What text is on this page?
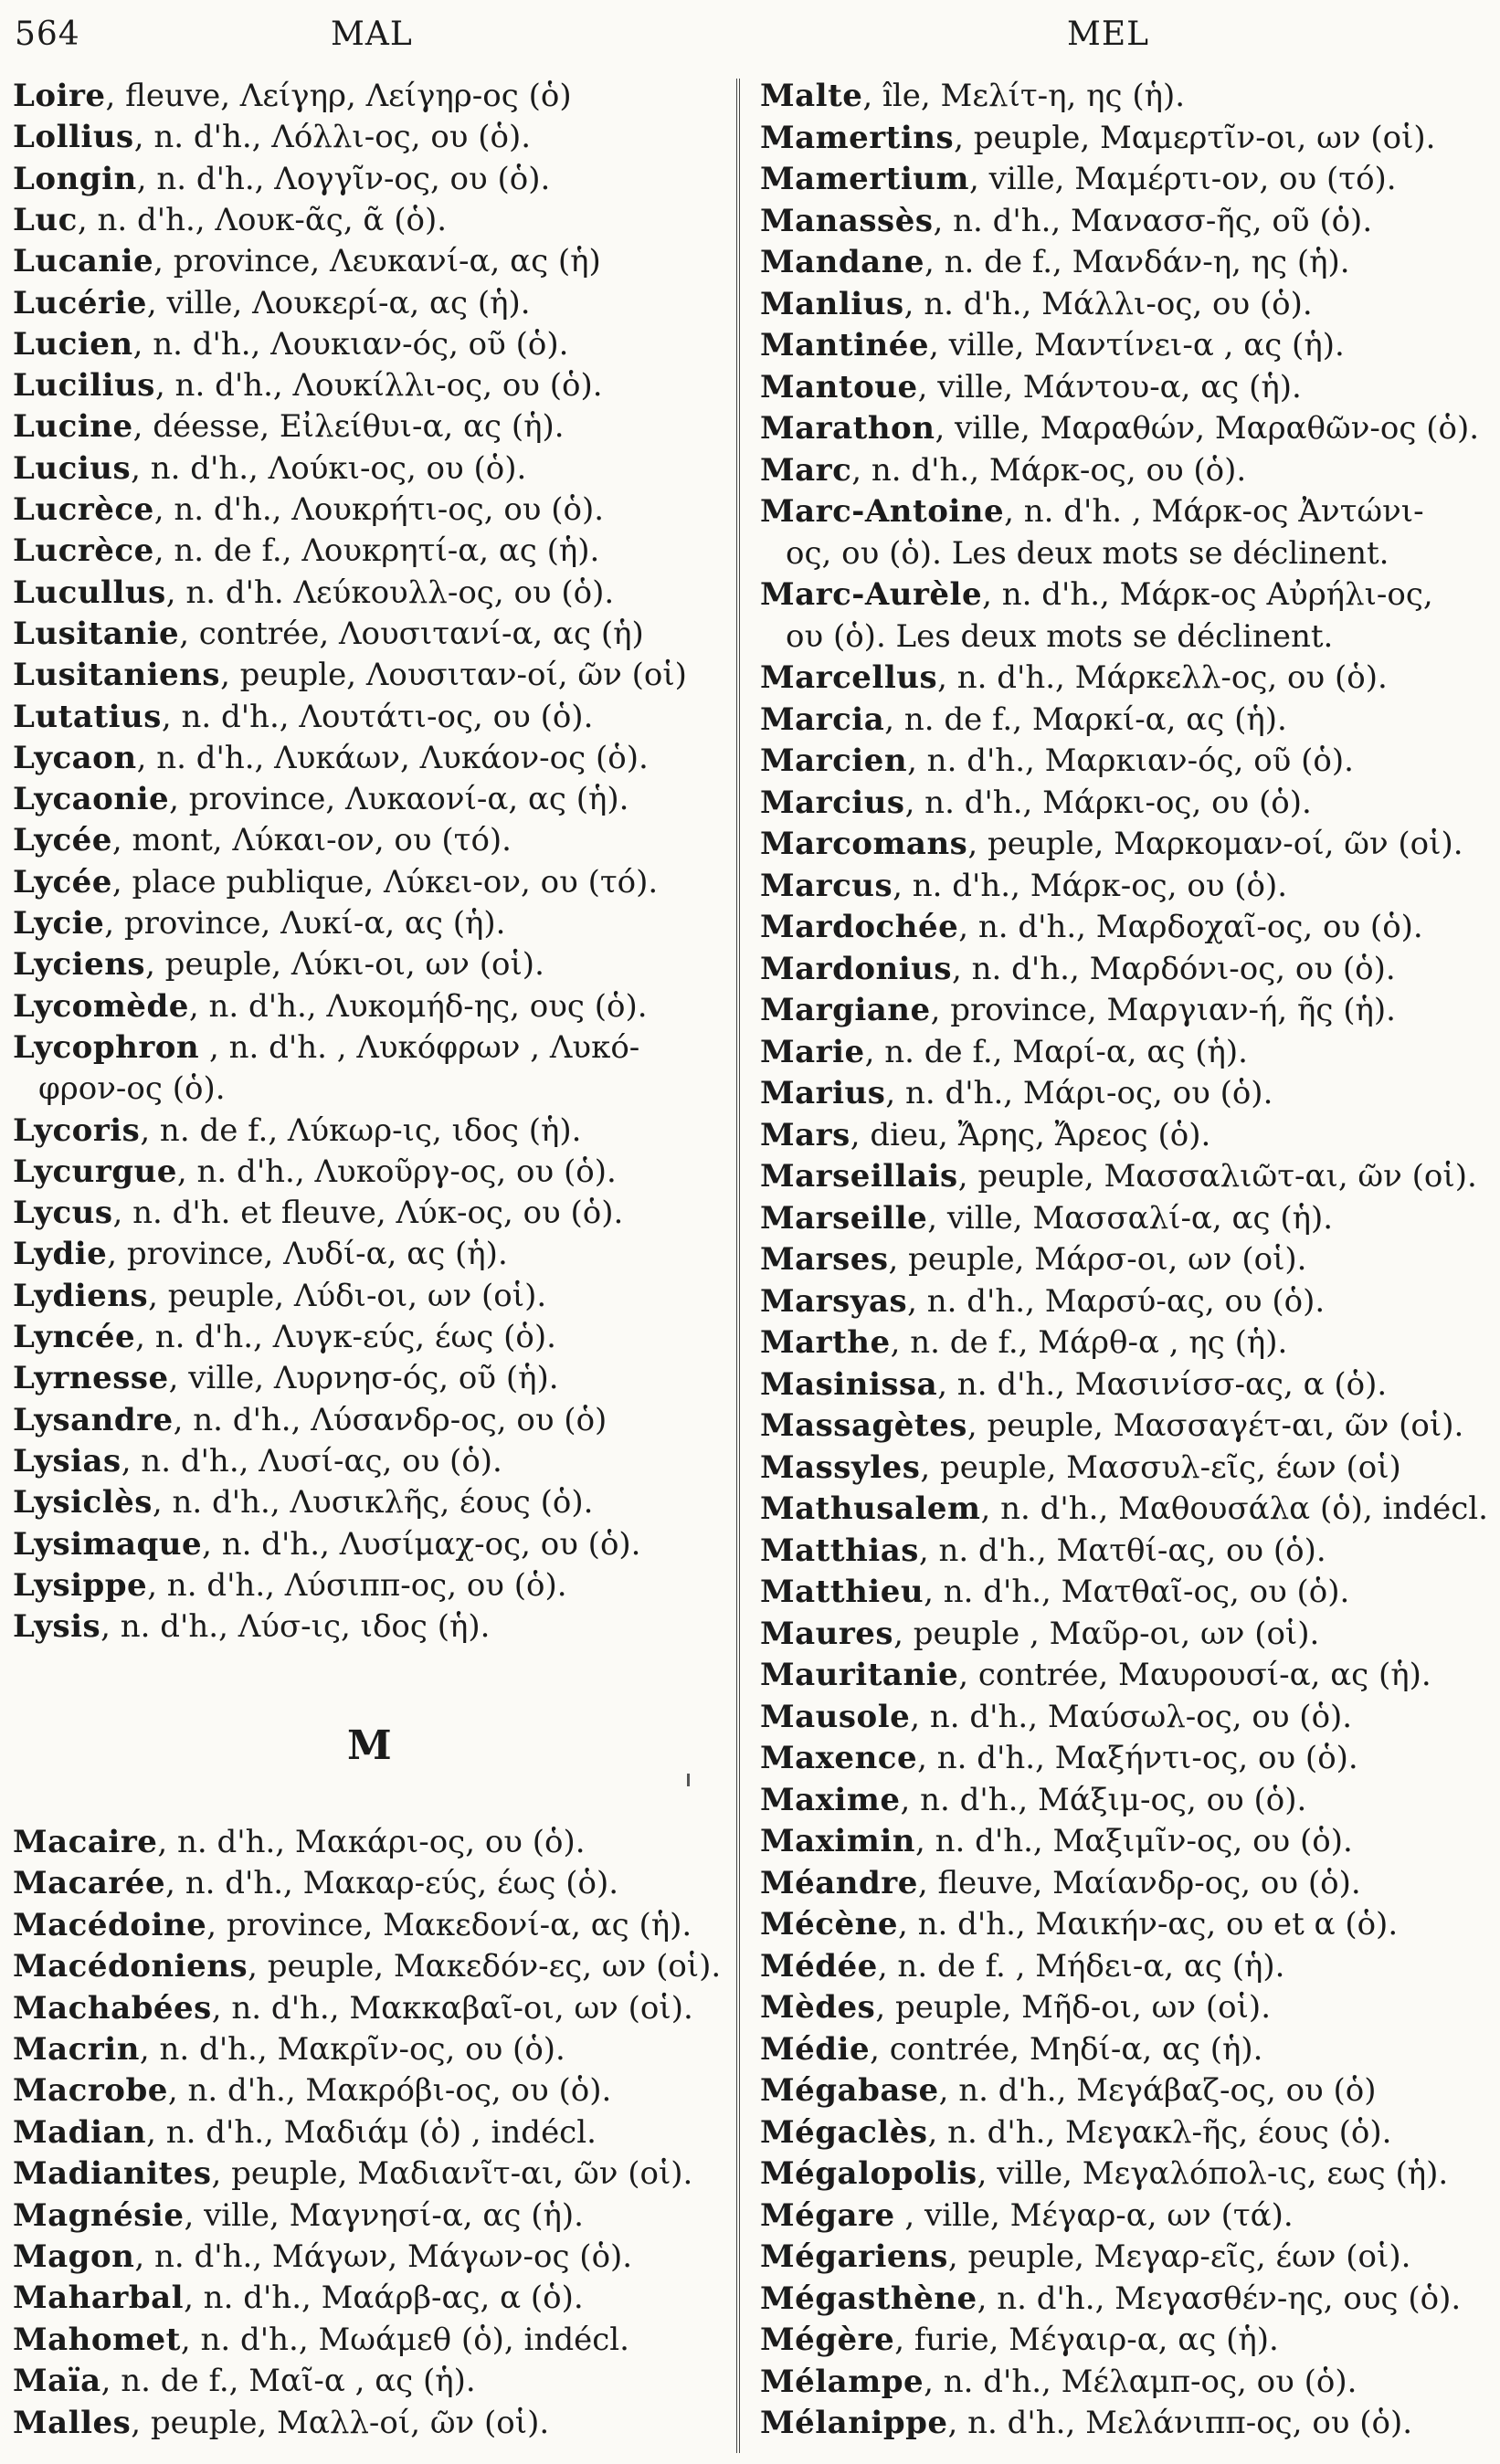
564	MAL	MEL
Loire, fleuve, Λείγηρ, Λείγηρ-ος (ὁ)
Lollius, n. d'h., Λόλλι-ος, ου (ὁ).
Longin, n. d'h., Λογγῖν-ος, ου (ὁ).
Luc, n. d'h., Λουκ-ᾶς, ᾶ (ὁ).
Lucanie, province, Λευκανί-α, ας (ἡ)
Lucérie, ville, Λουκερί-α, ας (ἡ).
Lucien, n. d'h., Λουκιαν-ός, οῦ (ὁ).
Lucilius, n. d'h., Λουκίλλι-ος, ου (ὁ).
Lucine, déesse, Εἰλείθυι-α, ας (ἡ).
Lucius, n. d'h., Λούκι-ος, ου (ὁ).
Lucrèce, n. d'h., Λουκρήτι-ος, ου (ὁ).
Lucrèce, n. de f., Λουκρητί-α, ας (ἡ).
Lucullus, n. d'h. Λεύκουλλ-ος, ου (ὁ).
Lusitanie, contrée, Λουσιτανί-α, ας (ἡ)
Lusitaniens, peuple, Λουσιταν-οί, ῶν (οἱ)
Lutatius, n. d'h., Λουτάτι-ος, ου (ὁ).
Lycaon, n. d'h., Λυκάων, Λυκάον-ος (ὁ).
Lycaonie, province, Λυκαονί-α, ας (ἡ).
Lycée, mont, Λύκαι-ον, ου (τό).
Lycée, place publique, Λύκει-ον, ου (τό).
Lycie, province, Λυκί-α, ας (ἡ).
Lyciens, peuple, Λύκι-οι, ων (οἱ).
Lycomède, n. d'h., Λυκομήδ-ης, ους (ὁ).
Lycophron , n. d'h. , Λυκόφρων , Λυκό-
φρον-ος (ὁ).
Lycoris, n. de f., Λύκωρ-ις, ιδος (ἡ).
Lycurgue, n. d'h., Λυκοῦργ-ος, ου (ὁ).
Lycus, n. d'h. et fleuve, Λύκ-ος, ου (ὁ).
Lydie, province, Λυδί-α, ας (ἡ).
Lydiens, peuple, Λύδι-οι, ων (οἱ).
Lyncée, n. d'h., Λυγκ-εύς, έως (ὁ).
Lyrnesse, ville, Λυρνησ-ός, οῦ (ἡ).
Lysandre, n. d'h., Λύσανδρ-ος, ου (ὁ)
Lysias, n. d'h., Λυσί-ας, ου (ὁ).
Lysiclès, n. d'h., Λυσικλῆς, έους (ὁ).
Lysimaque, n. d'h., Λυσίμαχ-ος, ου (ὁ).
Lysippe, n. d'h., Λύσιππ-ος, ου (ὁ).
Lysis, n. d'h., Λύσ-ις, ιδος (ἡ).
Macaire, n. d'h., Μακάρι-ος, ου (ὁ).
Macarée, n. d'h., Μακαρ-εύς, έως (ὁ).
Macédoine, province, Μακεδονί-α, ας (ἡ).
Macédoniens, peuple, Μακεδόν-ες, ων (οἱ).
Machabées, n. d'h., Μακκαβαῖ-οι, ων (οἱ).
Macrin, n. d'h., Μακρῖν-ος, ου (ὁ).
Macrobe, n. d'h., Μακρόβι-ος, ου (ὁ).
Madian, n. d'h., Μαδιάμ (ὁ) , indécl.
Madianites, peuple, Μαδιανῖτ-αι, ῶν (οἱ).
Magnésie, ville, Μαγνησί-α, ας (ἡ).
Magon, n. d'h., Μάγων, Μάγων-ος (ὁ).
Maharbal, n. d'h., Μαάρβ-ας, α (ὁ).
Mahomet, n. d'h., Μωάμεθ (ὁ), indécl.
Maïa, n. de f., Μαῖ-α , ας (ἡ).
Malles, peuple, Μαλλ-οί, ῶν (οἱ).
Malte, île, Μελίτ-η, ης (ἡ).
Mamertins, peuple, Μαμερτῖν-οι, ων (οἱ).
Mamertium, ville, Μαμέρτι-ον, ου (τό).
Manassès, n. d'h., Μανασσ-ῆς, οῦ (ὁ).
Mandane, n. de f., Μανδάν-η, ης (ἡ).
Manlius, n. d'h., Μάλλι-ος, ου (ὁ).
Mantinée, ville, Μαντίνει-α , ας (ἡ).
Mantoue, ville, Μάντου-α, ας (ἡ).
Marathon, ville, Μαραθών, Μαραθῶν-ος (ὁ).
Marc, n. d'h., Μάρκ-ος, ου (ὁ).
Marc-Antoine, n. d'h. , Μάρκ-ος Ἀντώνι-
ος, ου (ὁ). Les deux mots se déclinent.
Marc-Aurèle, n. d'h., Μάρκ-ος Αὐρήλι-ος,
ου (ὁ). Les deux mots se déclinent.
Marcellus, n. d'h., Μάρκελλ-ος, ου (ὁ).
Marcia, n. de f., Μαρκί-α, ας (ἡ).
Marcien, n. d'h., Μαρκιαν-ός, οῦ (ὁ).
Marcius, n. d'h., Μάρκι-ος, ου (ὁ).
Marcomans, peuple, Μαρκομαν-οί, ῶν (οἱ).
Marcus, n. d'h., Μάρκ-ος, ου (ὁ).
Mardochée, n. d'h., Μαρδοχαῖ-ος, ου (ὁ).
Mardonius, n. d'h., Μαρδόνι-ος, ου (ὁ).
Margiane, province, Μαργιαν-ή, ῆς (ἡ).
Marie, n. de f., Μαρί-α, ας (ἡ).
Marius, n. d'h., Μάρι-ος, ου (ὁ).
Mars, dieu, Ἄρης, Ἄρεος (ὁ).
Marseillais, peuple, Μασσαλιῶτ-αι, ῶν (οἱ).
Marseille, ville, Μασσαλί-α, ας (ἡ).
Marses, peuple, Μάρσ-οι, ων (οἱ).
Marsyas, n. d'h., Μαρσύ-ας, ου (ὁ).
Marthe, n. de f., Μάρθ-α , ης (ἡ).
Masinissa, n. d'h., Μασινίσσ-ας, α (ὁ).
Massagètes, peuple, Μασσαγέτ-αι, ῶν (οἱ).
Massyles, peuple, Μασσυλ-εῖς, έων (οἱ)
Mathusalem, n. d'h., Μαθουσάλα (ὁ), indécl.
Matthias, n. d'h., Ματθί-ας, ου (ὁ).
Matthieu, n. d'h., Ματθαῖ-ος, ου (ὁ).
Maures, peuple , Μαῦρ-οι, ων (οἱ).
Mauritanie, contrée, Μαυρουσί-α, ας (ἡ).
Mausole, n. d'h., Μαύσωλ-ος, ου (ὁ).
Maxence, n. d'h., Μαξήντι-ος, ου (ὁ).
Maxime, n. d'h., Μάξιμ-ος, ου (ὁ).
Maximin, n. d'h., Μαξιμῖν-ος, ου (ὁ).
Méandre, fleuve, Μαίανδρ-ος, ου (ὁ).
Mécène, n. d'h., Μαικήν-ας, ου et α (ὁ).
Médée, n. de f. , Μήδει-α, ας (ἡ).
Mèdes, peuple, Μῆδ-οι, ων (οἱ).
Médie, contrée, Μηδί-α, ας (ἡ).
Mégabase, n. d'h., Μεγάβαζ-ος, ου (ὁ)
Mégaclès, n. d'h., Μεγακλ-ῆς, έους (ὁ).
Mégalopolis, ville, Μεγαλόπολ-ις, εως (ἡ).
Mégare , ville, Μέγαρ-α, ων (τά).
Mégariens, peuple, Μεγαρ-εῖς, έων (οἱ).
Mégasthène, n. d'h., Μεγασθέν-ης, ους (ὁ).
Mégère, furie, Μέγαιρ-α, ας (ἡ).
Mélampe, n. d'h., Μέλαμπ-ος, ου (ὁ).
Mélanippe, n. d'h., Μελάνιππ-ος, ου (ὁ).
M
